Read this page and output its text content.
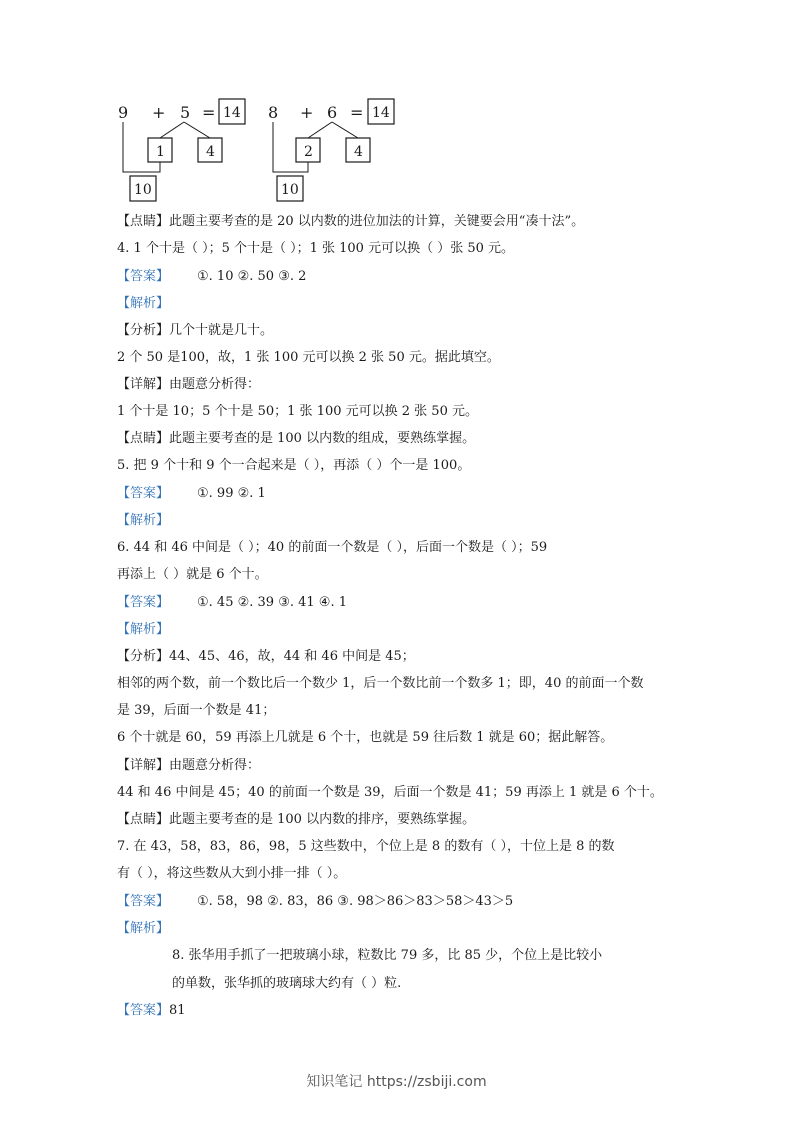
9 + 5 = 14
1	4
10
8 + 6 = 14
2	4
10
【点睛】此题主要考查的是 20 以内数的进位加法的计算，关键要会用“凑十法”。
4. 1 个十是（ ）；5 个十是（ ）；1 张 100 元可以换（ ）张 50 元。
【答案】 ①. 10 ②. 50 ③. 2
【解析】
【分析】几个十就是几十。
2 个 50 是100，故，1 张 100 元可以换 2 张 50 元。据此填空。
【详解】由题意分析得：
1 个十是 10；5 个十是 50；1 张 100 元可以换 2 张 50 元。
【点睛】此题主要考查的是 100 以内数的组成，要熟练掌握。
5. 把 9 个十和 9 个一合起来是（ ），再添（ ）个一是 100。
【答案】 ①. 99 ②. 1
【解析】
6. 44 和 46 中间是（ ）；40 的前面一个数是（ ），后面一个数是（ ）；59
再添上（ ）就是 6 个十。
【答案】 ①. 45 ②. 39 ③. 41 ④. 1
【解析】
【分析】44、45、46，故，44 和 46 中间是 45；
相邻的两个数，前一个数比后一个数少 1，后一个数比前一个数多 1；即，40 的前面一个数
是 39，后面一个数是 41；
6 个十就是 60，59 再添上几就是 6 个十，也就是 59 往后数 1 就是 60；据此解答。
【详解】由题意分析得：
44 和 46 中间是 45；40 的前面一个数是 39，后面一个数是 41；59 再添上 1 就是 6 个十。
【点睛】此题主要考查的是 100 以内数的排序，要熟练掌握。
7. 在 43，58，83，86，98，5 这些数中，个位上是 8 的数有（ ），十位上是 8 的数
有（ ），将这些数从大到小排一排（ ）。
【答案】 ①. 58，98 ②. 83，86 ③. 98＞86＞83＞58＞43＞5
【解析】
8. 张华用手抓了一把玻璃小球，粒数比 79 多，比 85 少，个位上是比较小
的单数，张华抓的玻璃球大约有（ ）粒.
【答案】81
知识笔记 https://zsbiji.com
